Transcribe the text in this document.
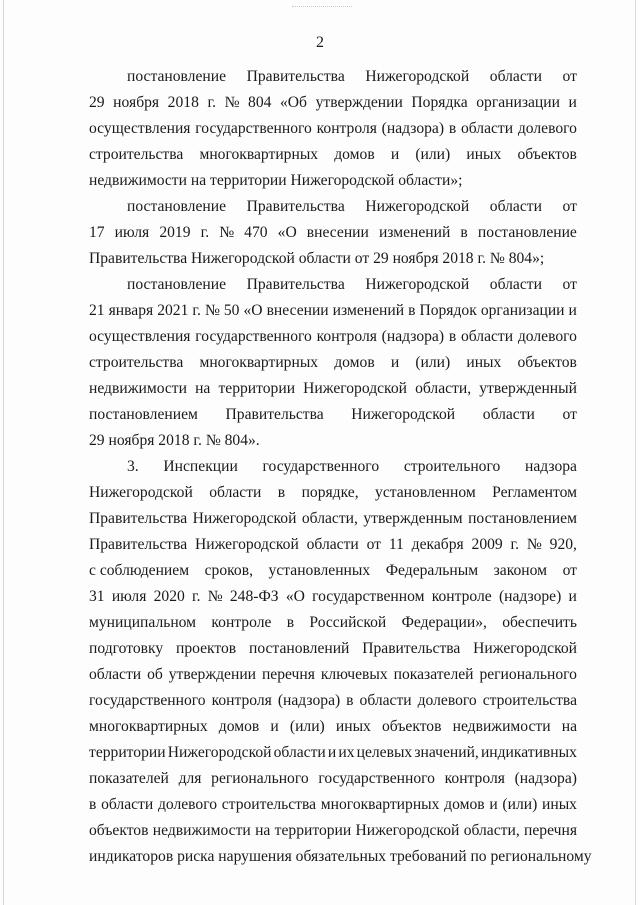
2
постановление Правительства Нижегородской области от
29 ноября 2018 г. № 804 «Об утверждении Порядка организации и
осуществления государственного контроля (надзора) в области долевого
строительства многоквартирных домов и (или) иных объектов
недвижимости на территории Нижегородской области»;
постановление Правительства Нижегородской области от
17 июля 2019 г. № 470 «О внесении изменений в постановление
Правительства Нижегородской области от 29 ноября 2018 г. № 804»;
постановление Правительства Нижегородской области от
21 января 2021 г. № 50 «О внесении изменений в Порядок организации и
осуществления государственного контроля (надзора) в области долевого
строительства многоквартирных домов и (или) иных объектов
недвижимости на территории Нижегородской области, утвержденный
постановлением Правительства Нижегородской области от
29 ноября 2018 г. № 804».
3. Инспекции государственного строительного надзора
Нижегородской области в порядке, установленном Регламентом
Правительства Нижегородской области, утвержденным постановлением
Правительства Нижегородской области от 11 декабря 2009 г. № 920,
с соблюдением сроков, установленных Федеральным законом от
31 июля 2020 г. № 248-ФЗ «О государственном контроле (надзоре) и
муниципальном контроле в Российской Федерации», обеспечить
подготовку проектов постановлений Правительства Нижегородской
области об утверждении перечня ключевых показателей регионального
государственного контроля (надзора) в области долевого строительства
многоквартирных домов и (или) иных объектов недвижимости на
территории Нижегородской области и их целевых значений, индикативных
показателей для регионального государственного контроля (надзора)
в области долевого строительства многоквартирных домов и (или) иных
объектов недвижимости на территории Нижегородской области, перечня
индикаторов риска нарушения обязательных требований по региональному
